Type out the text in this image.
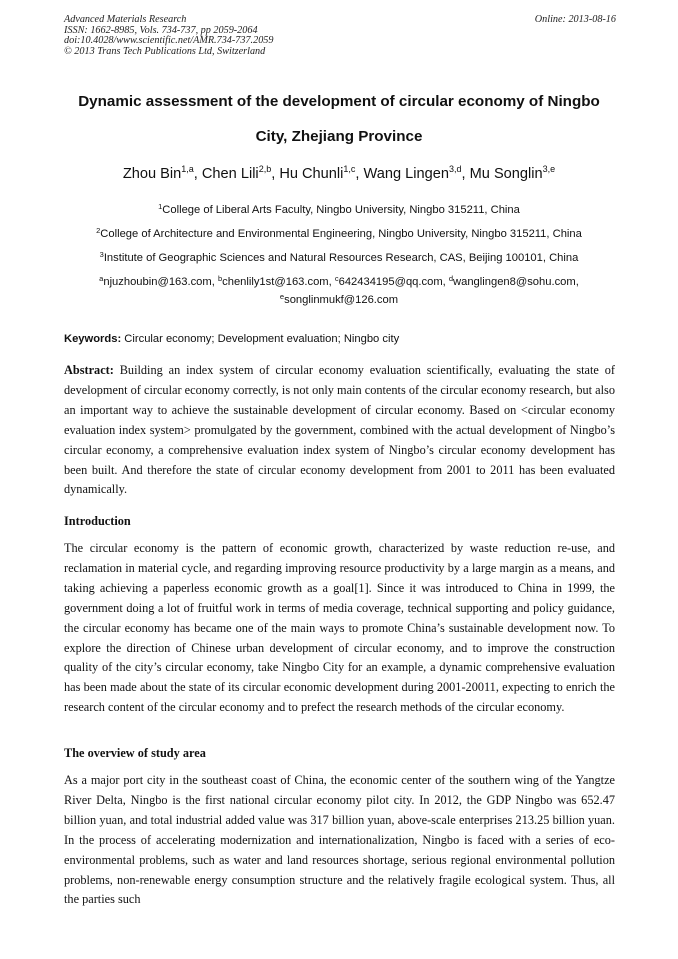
Advanced Materials Research
ISSN: 1662-8985, Vols. 734-737, pp 2059-2064
doi:10.4028/www.scientific.net/AMR.734-737.2059
© 2013 Trans Tech Publications Ltd, Switzerland
Online: 2013-08-16
Dynamic assessment of the development of circular economy of Ningbo
City, Zhejiang Province
Zhou Bin$^{1,a}$, Chen Lili$^{2,b}$, Hu Chunli$^{1,c}$, Wang Lingen$^{3,d}$, Mu Songlin$^{3,e}$
$^1$College of Liberal Arts Faculty, Ningbo University, Ningbo 315211, China
$^2$College of Architecture and Environmental Engineering, Ningbo University, Ningbo 315211, China
$^3$Institute of Geographic Sciences and Natural Resources Research, CAS, Beijing 100101, China
$^a$njuzhoubin@163.com, $^b$chenlily1st@163.com, $^c$642434195@qq.com, $^d$wanglingen8@sohu.com,
$^e$songlinmukf@126.com
Keywords: Circular economy; Development evaluation; Ningbo city
Abstract: Building an index system of circular economy evaluation scientifically, evaluating the state of development of circular economy correctly, is not only main contents of the circular economy research, but also an important way to achieve the sustainable development of circular economy. Based on <circular economy evaluation index system> promulgated by the government, combined with the actual development of Ningbo’s circular economy, a comprehensive evaluation index system of Ningbo’s circular economy development has been built. And therefore the state of circular economy development from 2001 to 2011 has been evaluated dynamically.
Introduction
The circular economy is the pattern of economic growth, characterized by waste reduction re-use, and reclamation in material cycle, and regarding improving resource productivity by a large margin as a means, and taking achieving a paperless economic growth as a goal[1]. Since it was introduced to China in 1999, the government doing a lot of fruitful work in terms of media coverage, technical supporting and policy guidance, the circular economy has became one of the main ways to promote China’s sustainable development now. To explore the direction of Chinese urban development of circular economy, and to improve the construction quality of the city’s circular economy, take Ningbo City for an example, a dynamic comprehensive evaluation has been made about the state of its circular economic development during 2001-20011, expecting to enrich the research content of the circular economy and to prefect the research methods of the circular economy.
The overview of study area
As a major port city in the southeast coast of China, the economic center of the southern wing of the Yangtze River Delta, Ningbo is the first national circular economy pilot city. In 2012, the GDP Ningbo was 652.47 billion yuan, and total industrial added value was 317 billion yuan, above-scale enterprises 213.25 billion yuan. In the process of accelerating modernization and internationalization, Ningbo is faced with a series of eco-environmental problems, such as water and land resources shortage, serious regional environmental pollution problems, non-renewable energy consumption structure and the relatively fragile ecological system. Thus, all the parties such
